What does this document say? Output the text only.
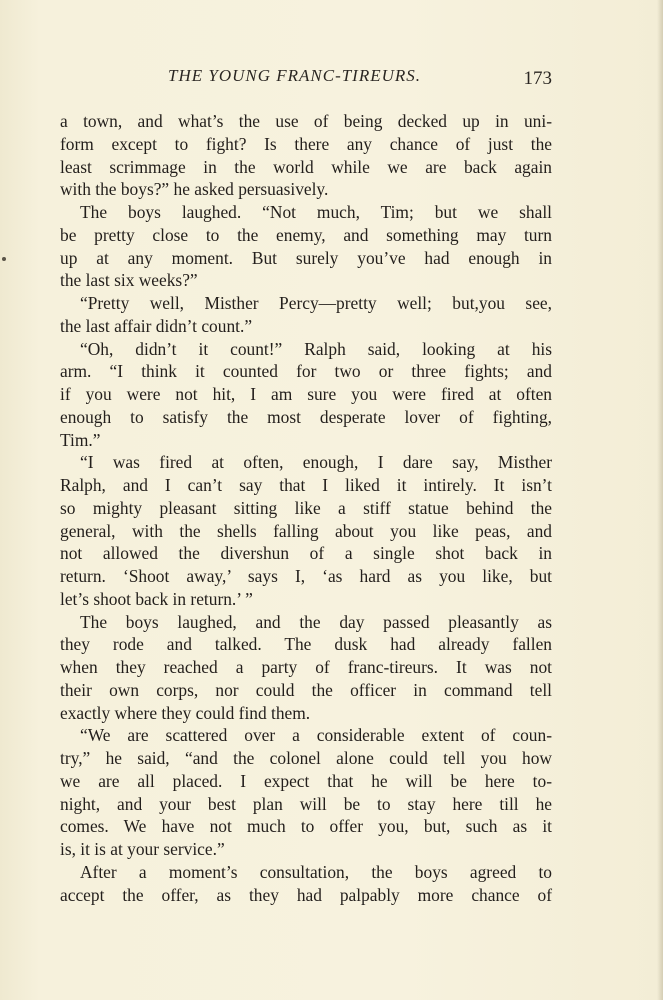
THE YOUNG FRANC-TIREURS.	173
a town, and what’s the use of being decked up in uni-
form except to fight? Is there any chance of just the
least scrimmage in the world while we are back again
with the boys?” he asked persuasively.
The boys laughed. “Not much, Tim; but we shall
be pretty close to the enemy, and something may turn
up at any moment. But surely you’ve had enough in
the last six weeks?”
“Pretty well, Misther Percy—pretty well; but,you see,
the last affair didn’t count.”
“Oh, didn’t it count!” Ralph said, looking at his
arm. “I think it counted for two or three fights; and
if you were not hit, I am sure you were fired at often
enough to satisfy the most desperate lover of fighting,
Tim.”
“I was fired at often, enough, I dare say, Misther
Ralph, and I can’t say that I liked it intirely. It isn’t
so mighty pleasant sitting like a stiff statue behind the
general, with the shells falling about you like peas, and
not allowed the divershun of a single shot back in
return. ‘Shoot away,’ says I, ‘as hard as you like, but
let’s shoot back in return.’ ”
The boys laughed, and the day passed pleasantly as
they rode and talked. The dusk had already fallen
when they reached a party of franc-tireurs. It was not
their own corps, nor could the officer in command tell
exactly where they could find them.
“We are scattered over a considerable extent of coun-
try,” he said, “and the colonel alone could tell you how
we are all placed. I expect that he will be here to-
night, and your best plan will be to stay here till he
comes. We have not much to offer you, but, such as it
is, it is at your service.”
After a moment’s consultation, the boys agreed to
accept the offer, as they had palpably more chance of
